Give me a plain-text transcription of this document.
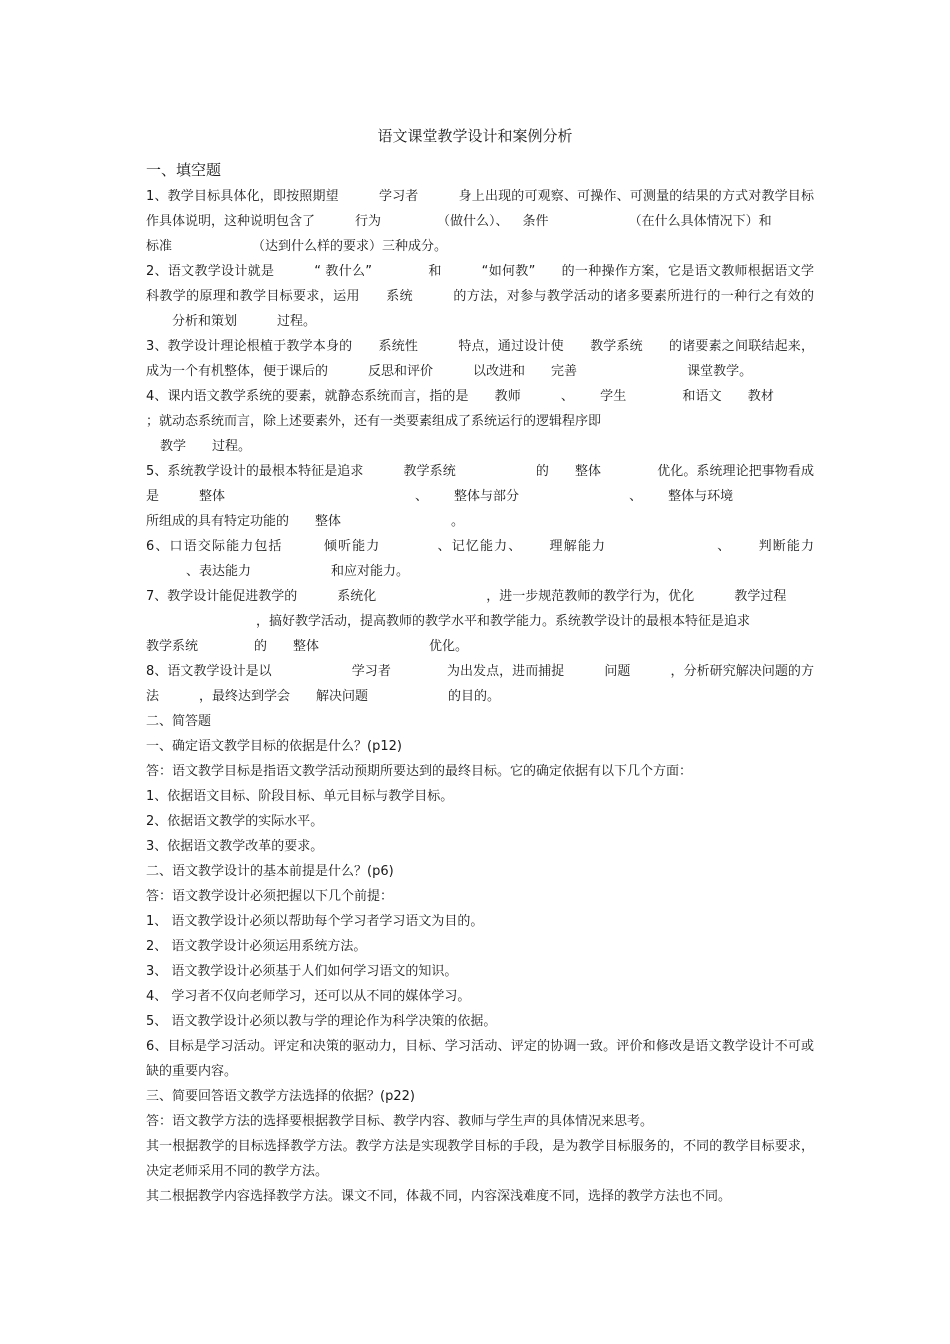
语文课堂教学设计和案例分析

一、填空题

1、教学目标具体化，即按照期望	学习者	身上出现的可观察、可操作、可测量的结果的方式对教学目标作具体说明，这种说明包含了	行为	（做什么）、 条件	（在什么具体情况下）和
标准	（达到什么样的要求）三种成分。

2、语文教学设计就是	“ 教什么”	和	“如何教” 的一种操作方案，它是语文教师根据语文学科教学的原理和教学目标要求，运用 系统	的方法，对参与教学活动的诸多要素所进行的一种行之有效的分析和策划	过程。

3、教学设计理论根植于教学本身的 系统性	特点，通过设计使 教学系统 的诸要素之间联结起来，成为一个有机整体，便于课后的	反思和评价	以改进和 完善	课堂教学。

4、课内语文教学系统的要素，就静态系统而言，指的是 教师	、 学生	和语文 教材；就动态系统而言，除上述要素外，还有一类要素组成了系统运行的逻辑程序即
教学 过程。

5、系统教学设计的最根本特征是追求	教学系统	的 整体	优化。系统理论把事物看成是	整体	、 整体与部分	、 整体与环境
所组成的具有特定功能的 整体	。

6、口语交际能力包括	倾听能力	、记忆能力、 理解能力	、 判断能力、表达能力	和应对能力。

7、教学设计能促进教学的	系统化	，进一步规范教师的教学行为，优化	教学过程
，搞好教学活动，提高教师的教学水平和教学能力。系统教学设计的最根本特征是追求
教学系统	的 整体	优化。

8、语文教学设计是以	学习者	为出发点，进而捕捉	问题	，分析研究解决问题的方法	，最终达到学会 解决问题	的目的。

二、简答题

一、确定语文教学目标的依据是什么？(p12)

答：语文教学目标是指语文教学活动预期所要达到的最终目标。它的确定依据有以下几个方面：

1、依据语文目标、阶段目标、单元目标与教学目标。

2、依据语文教学的实际水平。

3、依据语文教学改革的要求。

二、语文教学设计的基本前提是什么？(p6)

答：语文教学设计必须把握以下几个前提：

1、 语文教学设计必须以帮助每个学习者学习语文为目的。

2、 语文教学设计必须运用系统方法。

3、 语文教学设计必须基于人们如何学习语文的知识。

4、 学习者不仅向老师学习，还可以从不同的媒体学习。

5、 语文教学设计必须以教与学的理论作为科学决策的依据。

6、目标是学习活动。评定和决策的驱动力，目标、学习活动、评定的协调一致。评价和修改是语文教学设计不可或缺的重要内容。

三、简要回答语文教学方法选择的依据？(p22)

答：语文教学方法的选择要根据教学目标、教学内容、教师与学生声的具体情况来思考。

其一根据教学的目标选择教学方法。教学方法是实现教学目标的手段，是为教学目标服务的，不同的教学目标要求，决定老师采用不同的教学方法。

其二根据教学内容选择教学方法。课文不同，体裁不同，内容深浅难度不同，选择的教学方法也不同。
